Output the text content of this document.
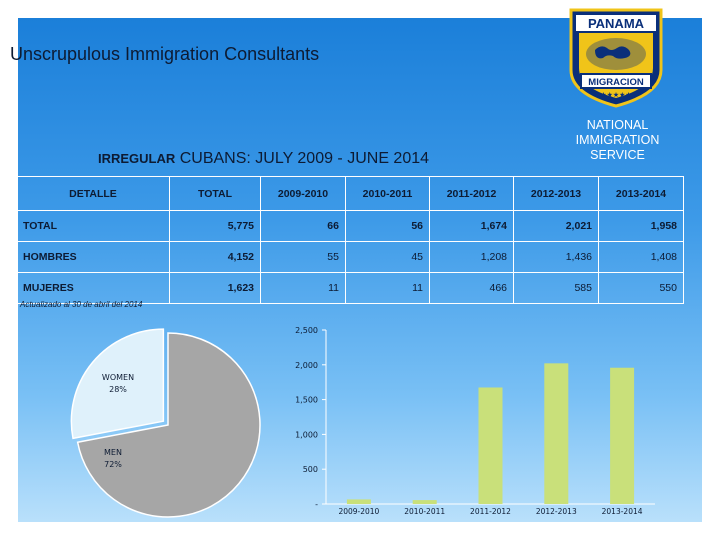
Unscrupulous Immigration Consultants
PANAMA
MIGRACION
★★★★★
NATIONAL
IMMIGRATION
SERVICE
IRREGULAR CUBANS: JULY 2009 - JUNE 2014
DETALLE	TOTAL	2009-2010	2010-2011	2011-2012	2012-2013	2013-2014
TOTAL	5,775	66	56	1,674	2,021	1,958
HOMBRES	4,152	55	45	1,208	1,436	1,408
MUJERES	1,623	11	11	466	585	550
Actualizado al 30 de abril del 2014
WOMEN
28%
MEN
72%
-
500
1,000
1,500
2,000
2,500
2009-2010	2010-2011	2011-2012	2012-2013	2013-2014
